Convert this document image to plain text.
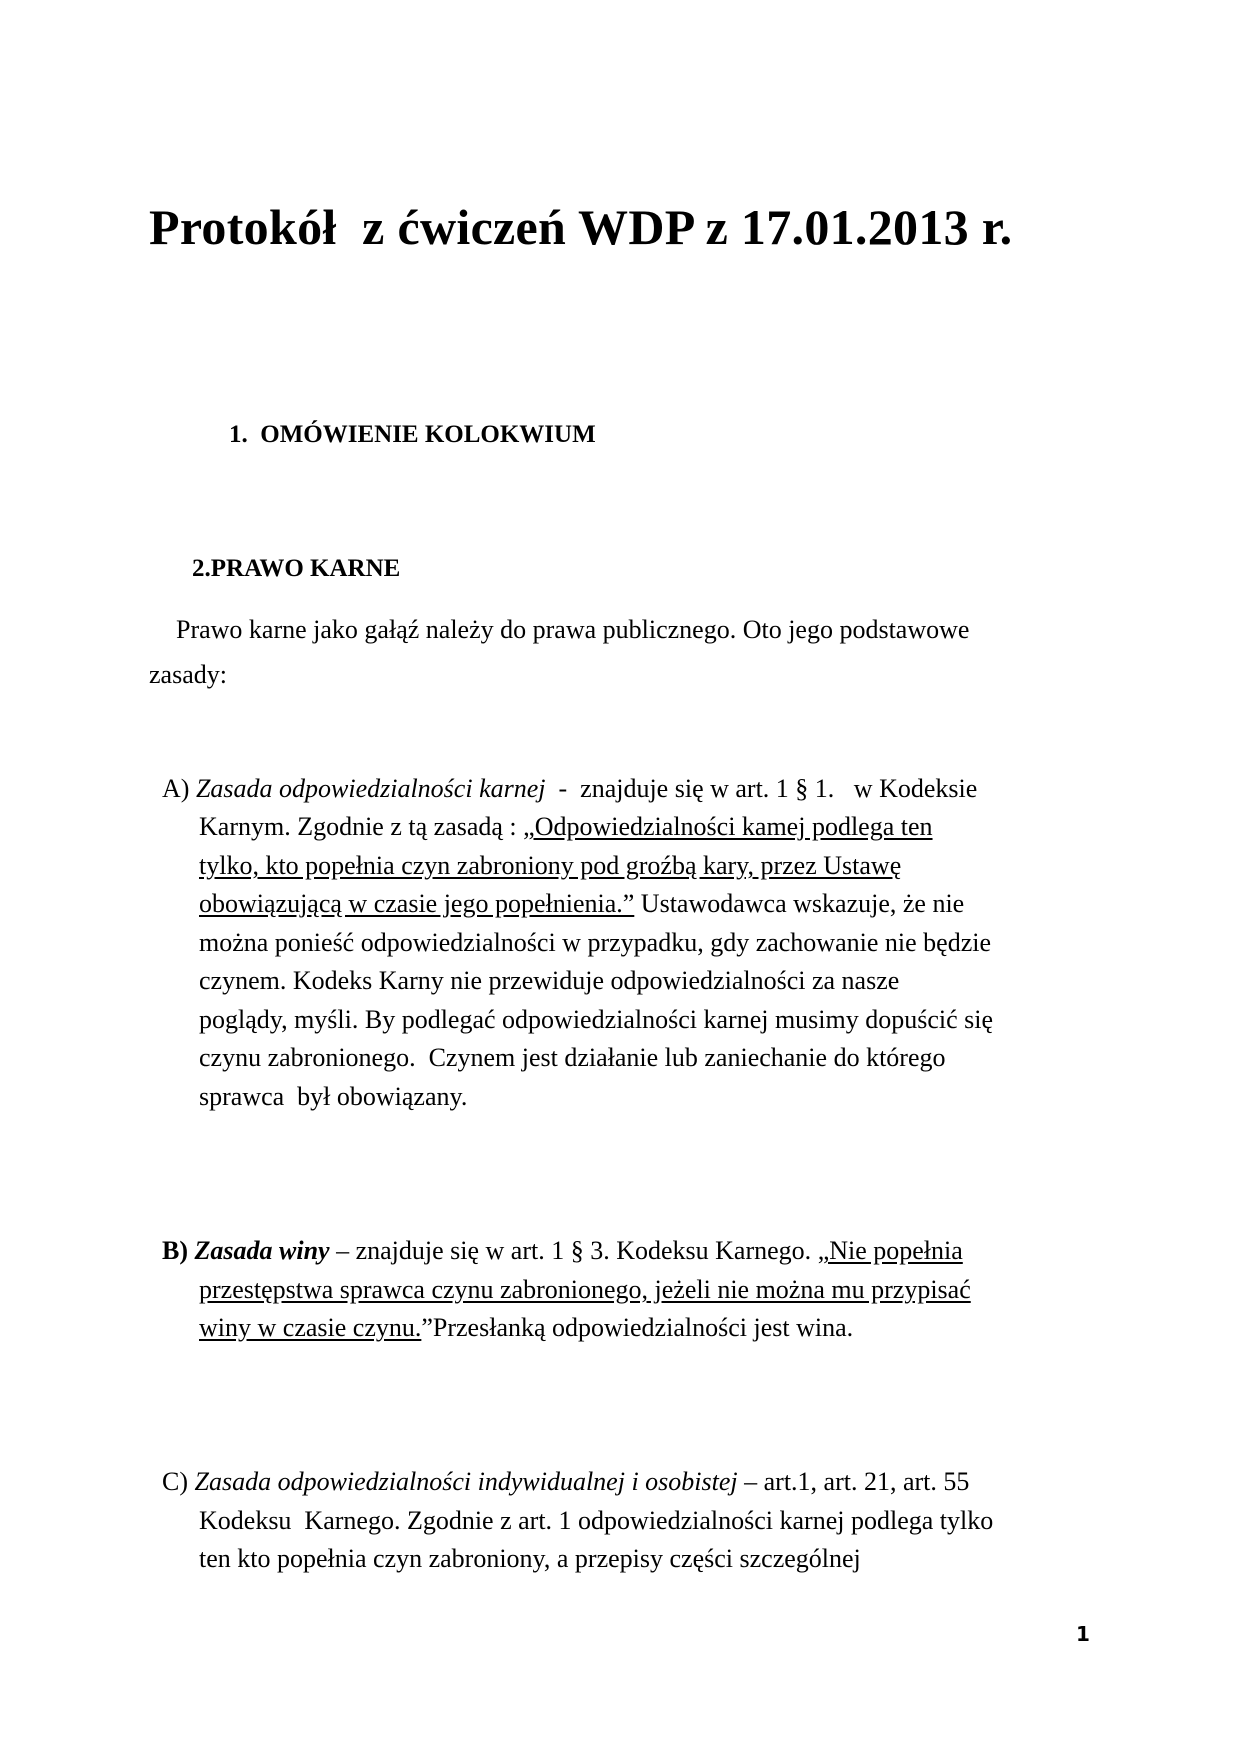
Protokół  z ćwiczeń WDP z 17.01.2013 r.
1.  OMÓWIENIE KOLOKWIUM
2.PRAWO KARNE
Prawo karne jako gałąź należy do prawa publicznego. Oto jego podstawowe
zasady:
A) Zasada odpowiedzialności karnej  -  znajduje się w art. 1 § 1.   w Kodeksie
Karnym. Zgodnie z tą zasadą : „Odpowiedzialności kamej podlega ten
tylko, kto popełnia czyn zabroniony pod groźbą kary, przez Ustawę
obowiązującą w czasie jego popełnienia.” Ustawodawca wskazuje, że nie
można ponieść odpowiedzialności w przypadku, gdy zachowanie nie będzie
czynem. Kodeks Karny nie przewiduje odpowiedzialności za nasze
poglądy, myśli. By podlegać odpowiedzialności karnej musimy dopuścić się
czynu zabronionego.  Czynem jest działanie lub zaniechanie do którego
sprawca  był obowiązany.
B) Zasada winy – znajduje się w art. 1 § 3. Kodeksu Karnego. „Nie popełnia
przestępstwa sprawca czynu zabronionego, jeżeli nie można mu przypisać
winy w czasie czynu.”Przesłanką odpowiedzialności jest wina.
C) Zasada odpowiedzialności indywidualnej i osobistej – art.1, art. 21, art. 55
Kodeksu  Karnego. Zgodnie z art. 1 odpowiedzialności karnej podlega tylko
ten kto popełnia czyn zabroniony, a przepisy części szczególnej
1
